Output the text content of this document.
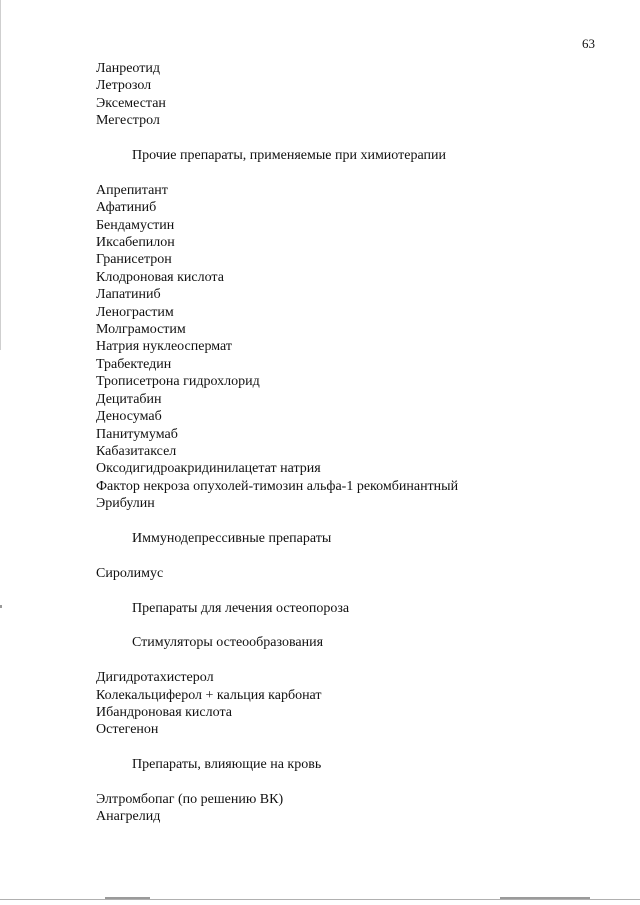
63
Ланреотид
Летрозол
Эксеместан
Мегестрол
Прочие препараты, применяемые при химиотерапии
Апрепитант
Афатиниб
Бендамустин
Иксабепилон
Гранисетрон
Клодроновая кислота
Лапатиниб
Ленограстим
Молграмостим
Натрия нуклеоспермат
Трабектедин
Трописетрона гидрохлорид
Децитабин
Деносумаб
Панитумумаб
Кабазитаксел
Оксодигидроакридинилацетат натрия
Фактор некроза опухолей-тимозин альфа-1 рекомбинантный
Эрибулин
Иммунодепрессивные препараты
Сиролимус
Препараты для лечения остеопороза
Стимуляторы остеообразования
Дигидротахистерол
Колекальциферол + кальция карбонат
Ибандроновая кислота
Остегенон
Препараты, влияющие на кровь
Элтромбопаг (по решению ВК)
Анагрелид
